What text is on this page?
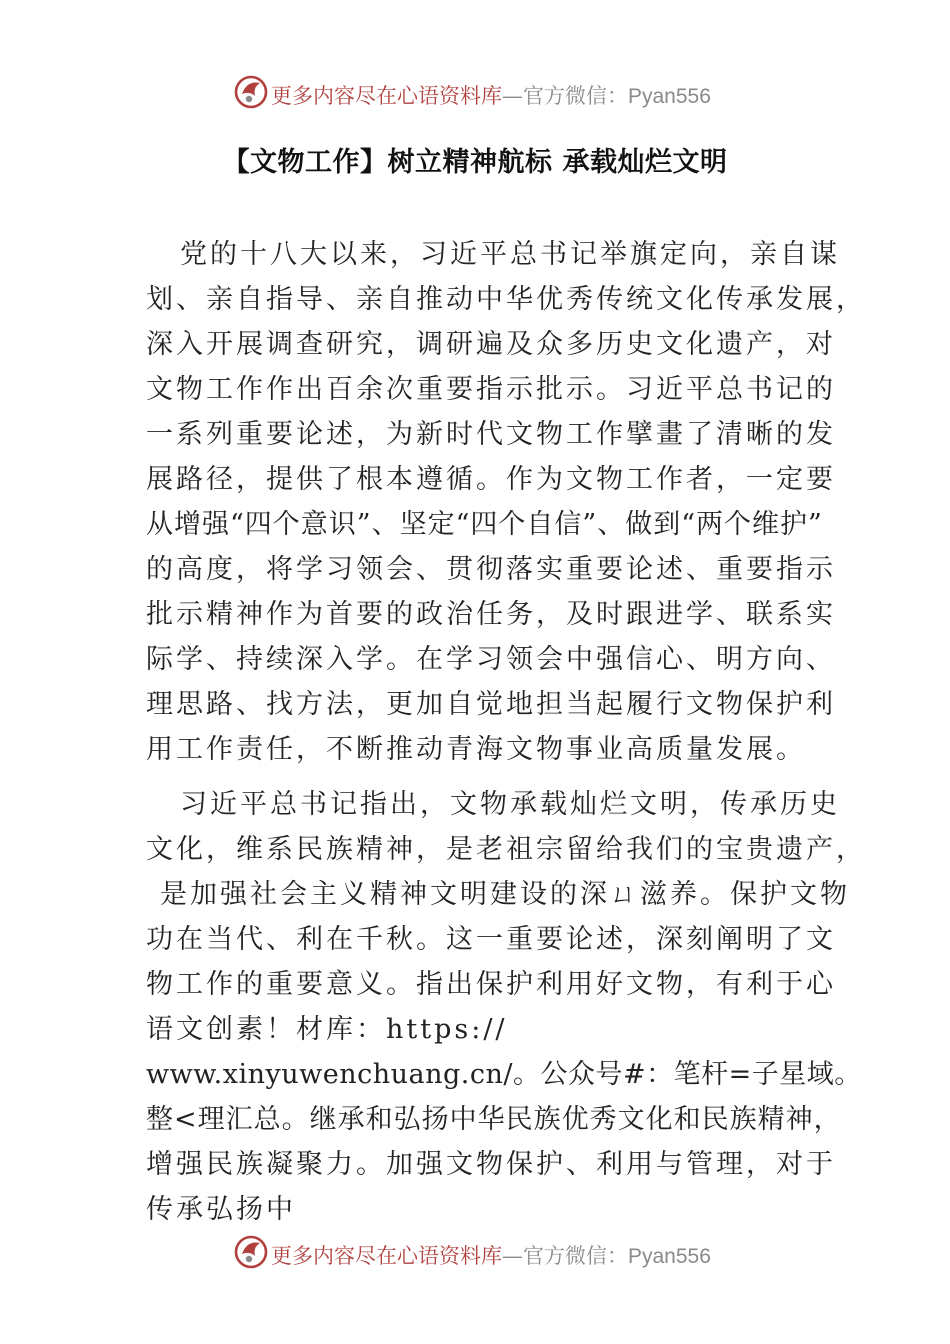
更多内容尽在心语资料库—官方微信：Pyan556
【文物工作】树立精神航标 承载灿烂文明
党的十八大以来，习近平总书记举旗定向，亲自谋
划、亲自指导、亲自推动中华优秀传统文化传承发展，
深入开展调查研究，调研遍及众多历史文化遗产，对
文物工作作出百余次重要指示批示。习近平总书记的
一系列重要论述，为新时代文物工作擘畫了清晰的发
展路径，提供了根本遵循。作为文物工作者，一定要
从增强“四个意识”、坚定“四个自信”、做到“两个维护”
的高度，将学习领会、贯彻落实重要论述、重要指示
批示精神作为首要的政治任务，及时跟进学、联系实
际学、持续深入学。在学习领会中强信心、明方向、
理思路、找方法，更加自觉地担当起履行文物保护利
用工作责任，不断推动青海文物事业高质量发展。
习近平总书记指出，文物承载灿烂文明，传承历史
文化，维系民族精神，是老祖宗留给我们的宝贵遗产，
是加强社会主义精神文明建设的深ㄩ滋养。保护文物
功在当代、利在千秋。这一重要论述，深刻阐明了文
物工作的重要意义。指出保护利用好文物，有利于心
语文创素！材库：https://
www.xinyuwenchuang.cn/。公众号#：笔杆=子星域。
整<理汇总。继承和弘扬中华民族优秀文化和民族精神，
增强民族凝聚力。加强文物保护、利用与管理，对于
传承弘扬中
更多内容尽在心语资料库—官方微信：Pyan556
